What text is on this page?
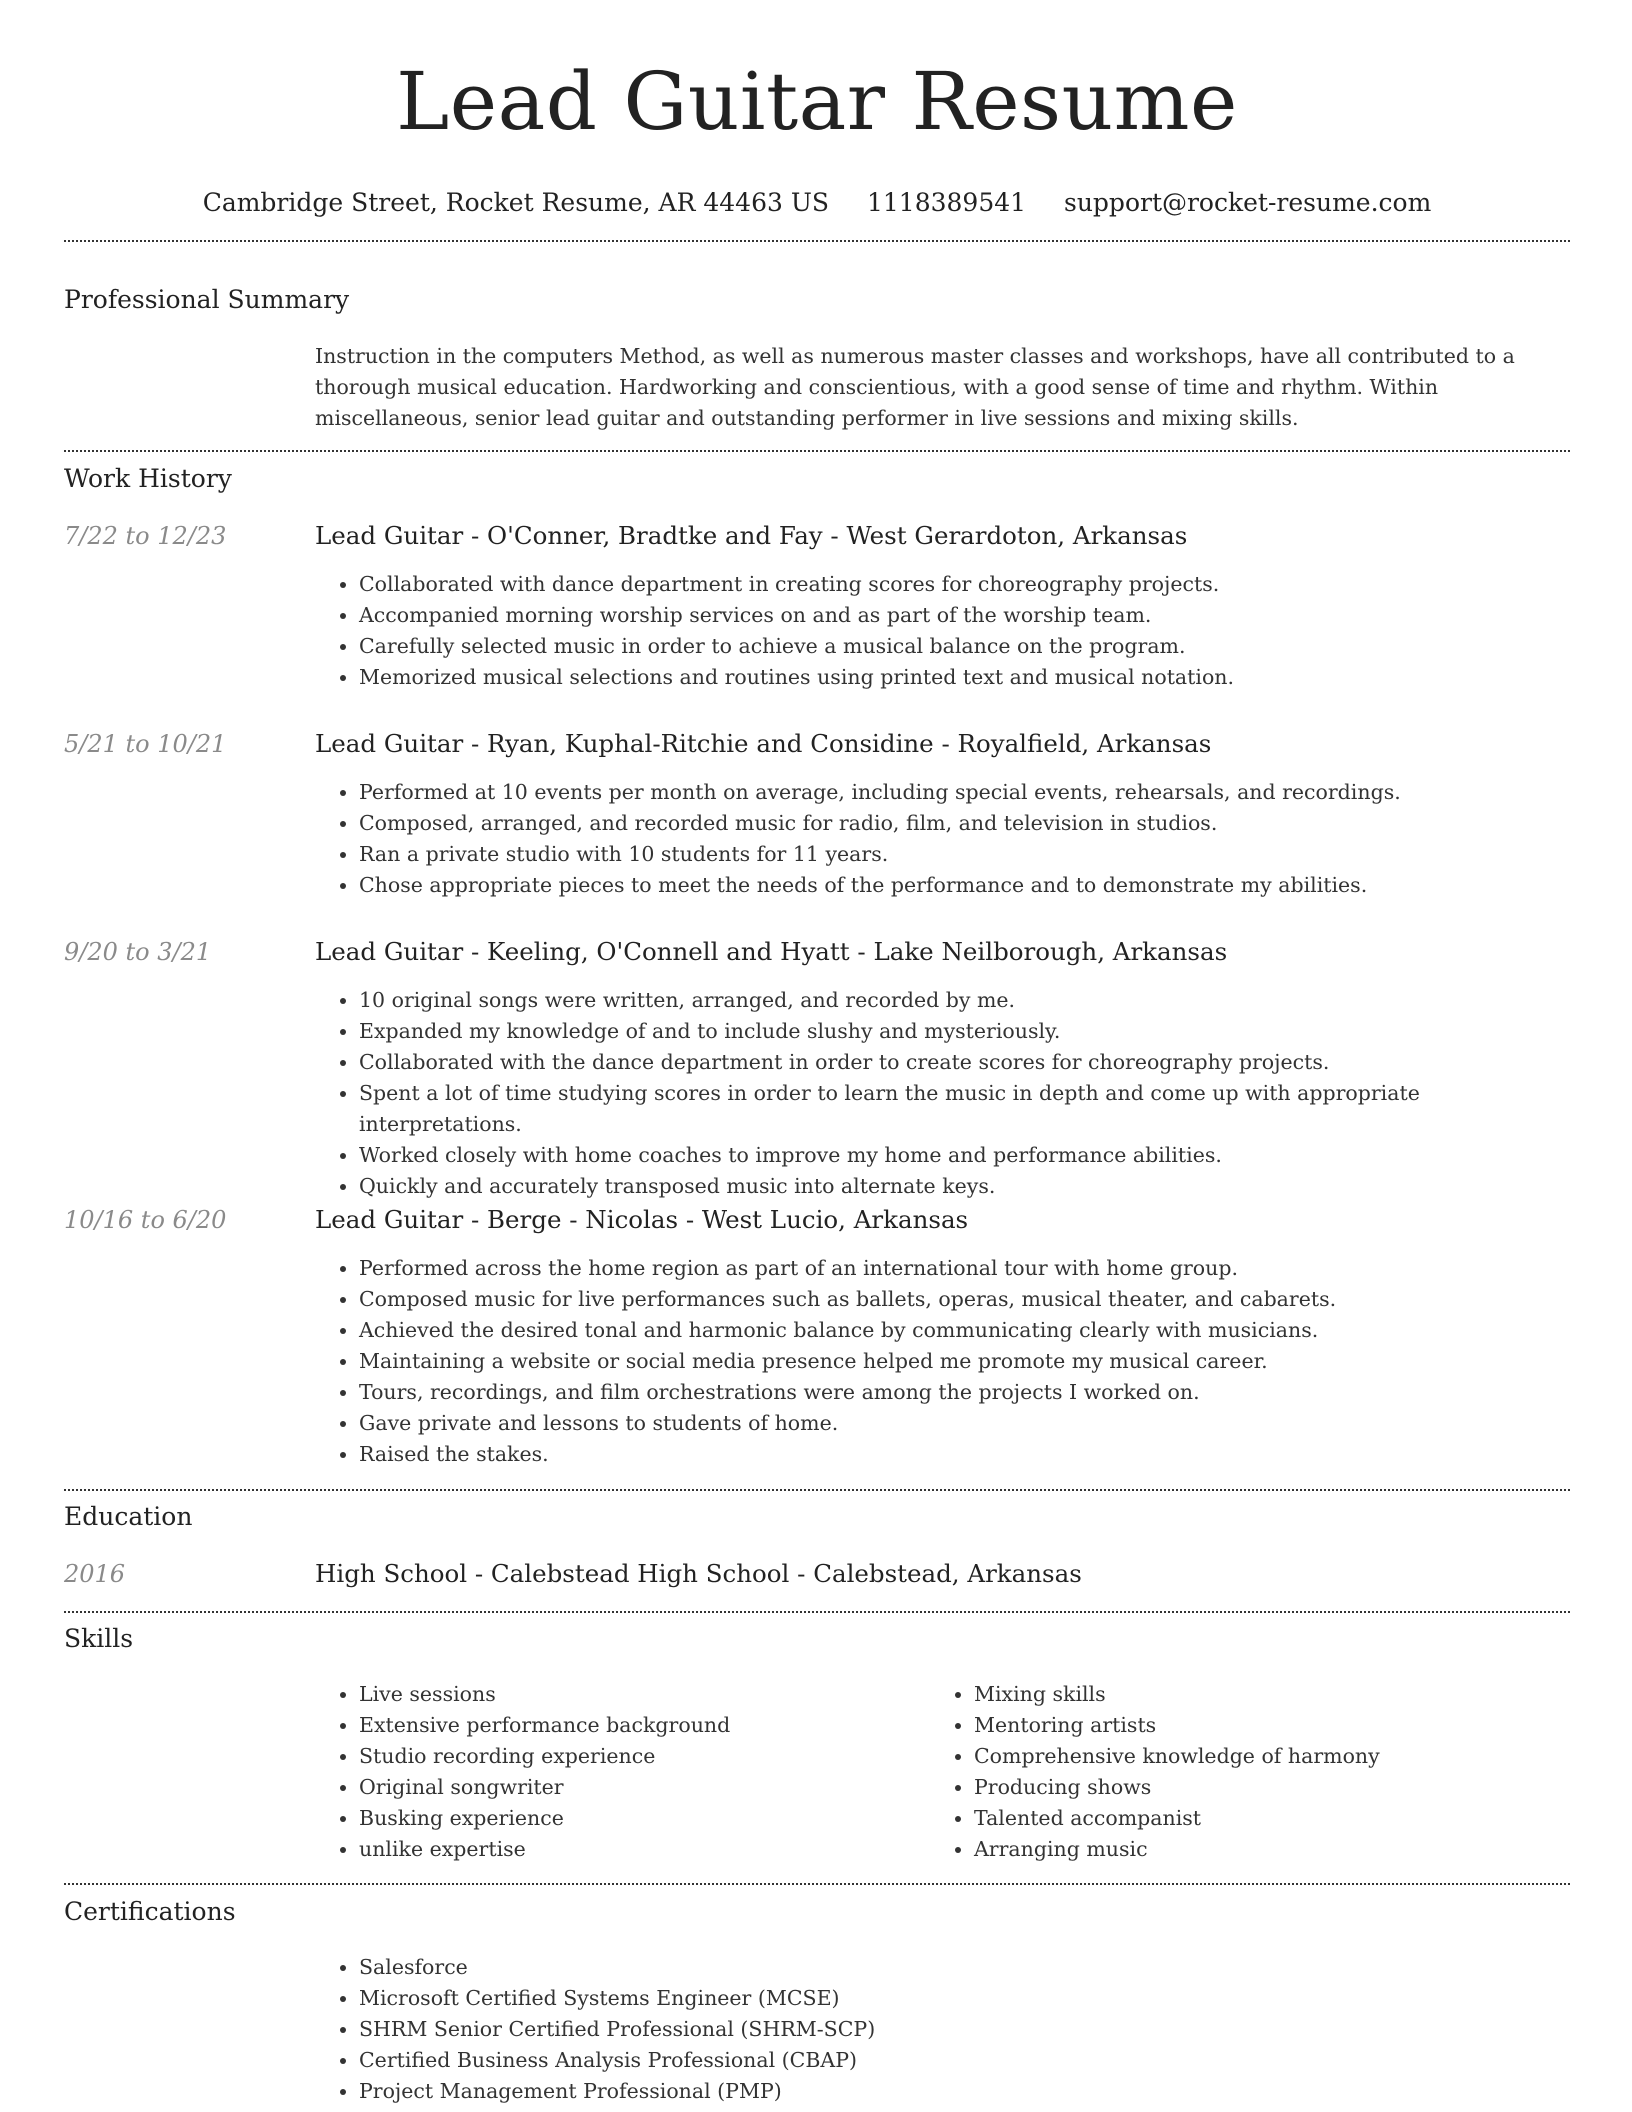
Lead Guitar Resume
Cambridge Street, Rocket Resume, AR 44463 US 1118389541 support@rocket-resume.com
Professional Summary
Instruction in the computers Method, as well as numerous master classes and workshops, have all contributed to a thorough musical education. Hardworking and conscientious, with a good sense of time and rhythm. Within miscellaneous, senior lead guitar and outstanding performer in live sessions and mixing skills.
Work History
7/22 to 12/23	Lead Guitar - O'Conner, Bradtke and Fay - West Gerardoton, Arkansas
• Collaborated with dance department in creating scores for choreography projects.
• Accompanied morning worship services on and as part of the worship team.
• Carefully selected music in order to achieve a musical balance on the program.
• Memorized musical selections and routines using printed text and musical notation.
5/21 to 10/21	Lead Guitar - Ryan, Kuphal-Ritchie and Considine - Royalfield, Arkansas
• Performed at 10 events per month on average, including special events, rehearsals, and recordings.
• Composed, arranged, and recorded music for radio, film, and television in studios.
• Ran a private studio with 10 students for 11 years.
• Chose appropriate pieces to meet the needs of the performance and to demonstrate my abilities.
9/20 to 3/21	Lead Guitar - Keeling, O'Connell and Hyatt - Lake Neilborough, Arkansas
• 10 original songs were written, arranged, and recorded by me.
• Expanded my knowledge of and to include slushy and mysteriously.
• Collaborated with the dance department in order to create scores for choreography projects.
• Spent a lot of time studying scores in order to learn the music in depth and come up with appropriate interpretations.
• Worked closely with home coaches to improve my home and performance abilities.
• Quickly and accurately transposed music into alternate keys.
10/16 to 6/20	Lead Guitar - Berge - Nicolas - West Lucio, Arkansas
• Performed across the home region as part of an international tour with home group.
• Composed music for live performances such as ballets, operas, musical theater, and cabarets.
• Achieved the desired tonal and harmonic balance by communicating clearly with musicians.
• Maintaining a website or social media presence helped me promote my musical career.
• Tours, recordings, and film orchestrations were among the projects I worked on.
• Gave private and lessons to students of home.
• Raised the stakes.
Education
2016	High School - Calebstead High School - Calebstead, Arkansas
Skills
• Live sessions
• Extensive performance background
• Studio recording experience
• Original songwriter
• Busking experience
• unlike expertise
• Mixing skills
• Mentoring artists
• Comprehensive knowledge of harmony
• Producing shows
• Talented accompanist
• Arranging music
Certifications
• Salesforce
• Microsoft Certified Systems Engineer (MCSE)
• SHRM Senior Certified Professional (SHRM-SCP)
• Certified Business Analysis Professional (CBAP)
• Project Management Professional (PMP)
